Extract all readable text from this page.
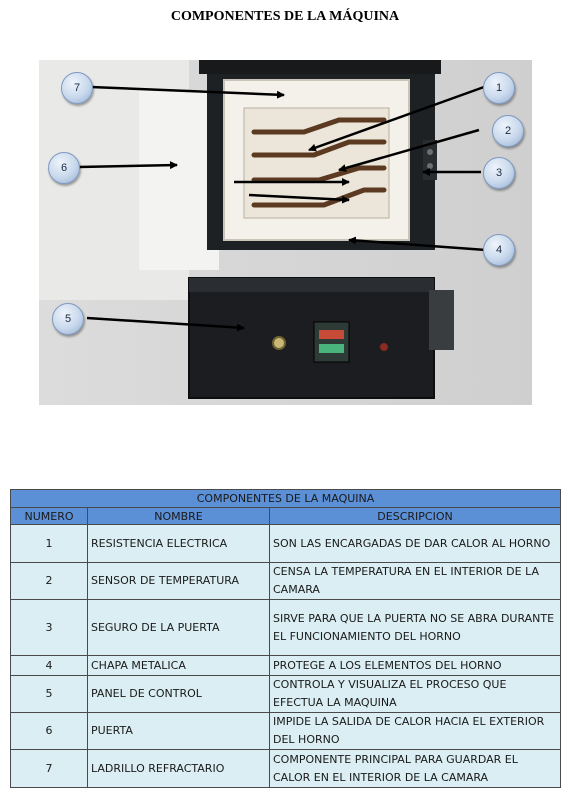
COMPONENTES DE LA MÁQUINA
1
2
3
4
5
6
7
COMPONENTES DE LA MAQUINA		
NUMERO	NOMBRE	DESCRIPCION
1	RESISTENCIA ELECTRICA	SON LAS ENCARGADAS DE DAR CALOR AL HORNO
2	SENSOR DE TEMPERATURA	CENSA LA TEMPERATURA EN EL INTERIOR DE LA CAMARA
3	SEGURO DE LA PUERTA	SIRVE PARA QUE LA PUERTA NO SE ABRA DURANTE EL FUNCIONAMIENTO DEL HORNO
4	CHAPA METALICA	PROTEGE A LOS ELEMENTOS DEL HORNO
5	PANEL DE CONTROL	CONTROLA Y VISUALIZA EL PROCESO QUE EFECTUA LA MAQUINA
6	PUERTA	IMPIDE LA SALIDA DE CALOR HACIA EL EXTERIOR DEL HORNO
7	LADRILLO REFRACTARIO	COMPONENTE PRINCIPAL PARA GUARDAR EL CALOR EN EL INTERIOR DE LA CAMARA
